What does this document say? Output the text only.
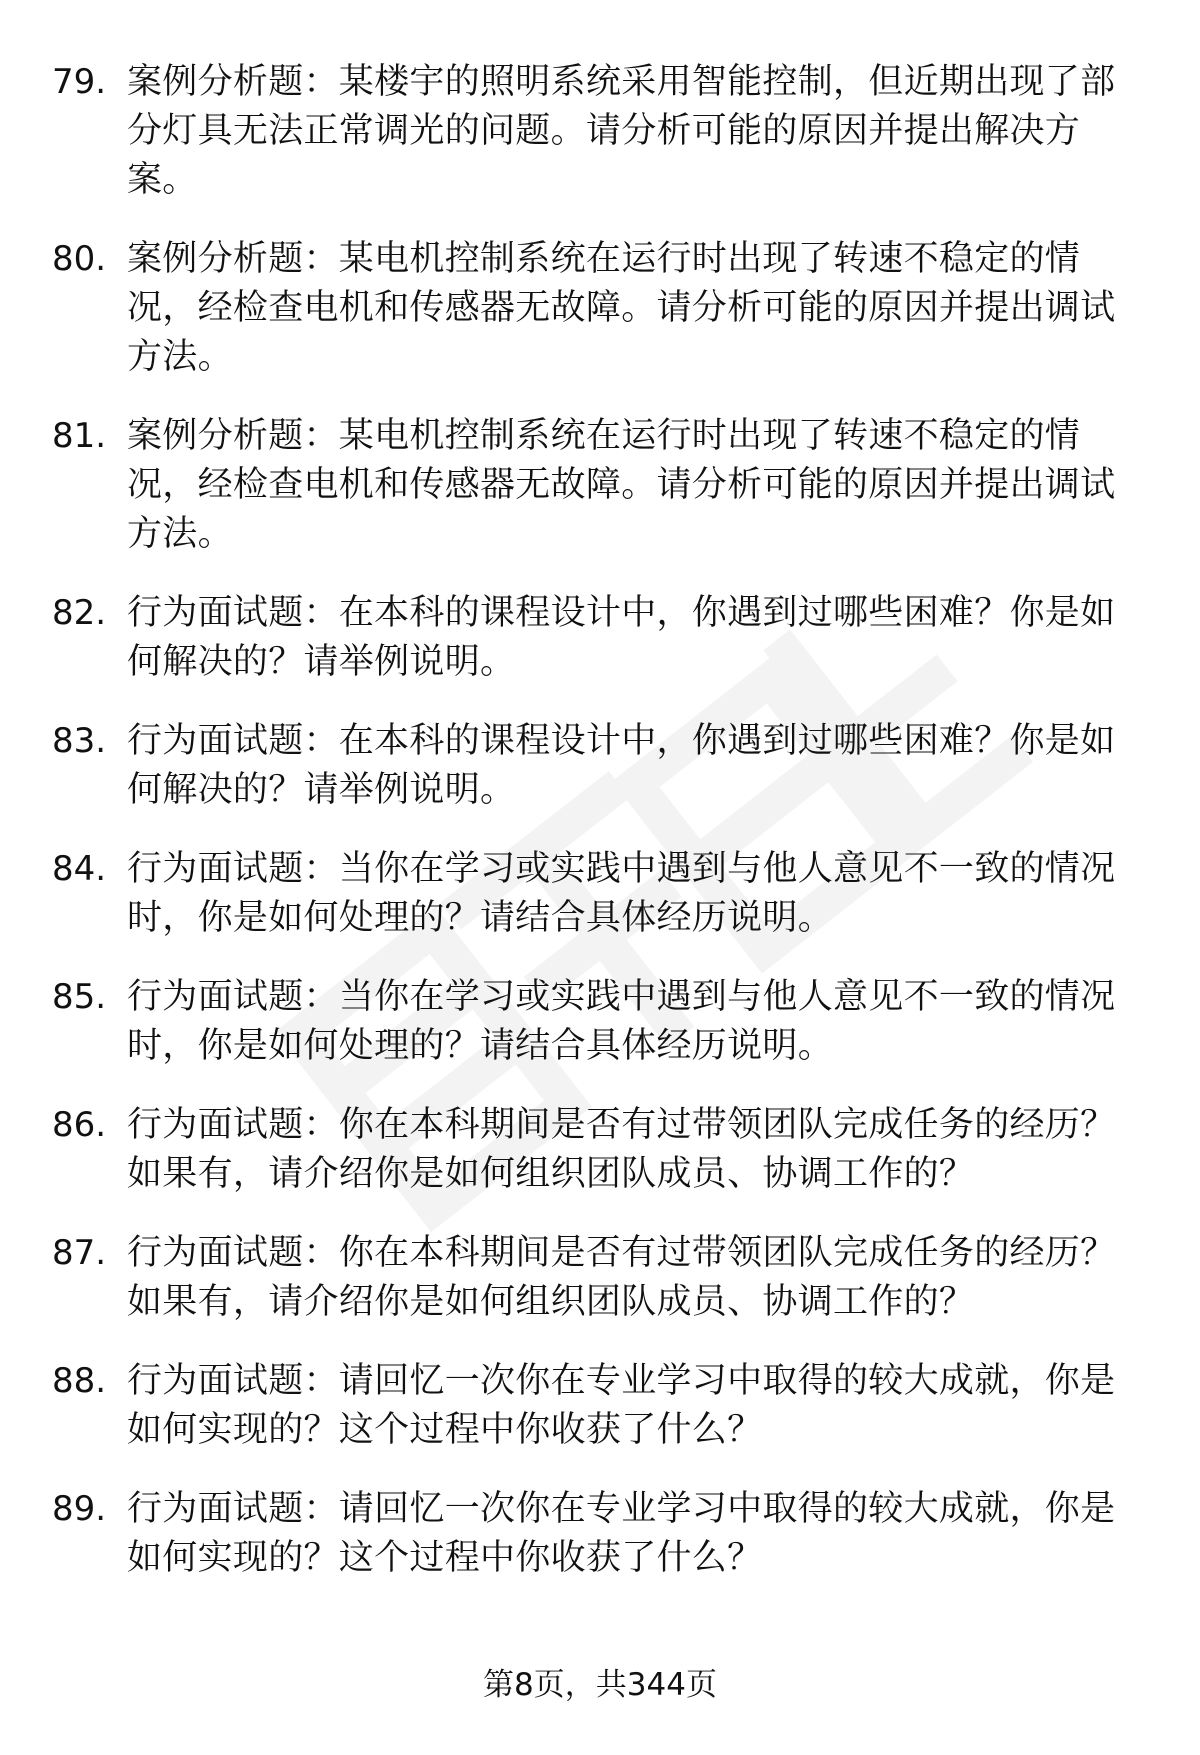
79. 案例分析题：某楼宇的照明系统采用智能控制，但近期出现了部分灯具无法正常调光的问题。请分析可能的原因并提出解决方案。
80. 案例分析题：某电机控制系统在运行时出现了转速不稳定的情况，经检查电机和传感器无故障。请分析可能的原因并提出调试方法。
81. 案例分析题：某电机控制系统在运行时出现了转速不稳定的情况，经检查电机和传感器无故障。请分析可能的原因并提出调试方法。
82. 行为面试题：在本科的课程设计中，你遇到过哪些困难？你是如何解决的？请举例说明。
83. 行为面试题：在本科的课程设计中，你遇到过哪些困难？你是如何解决的？请举例说明。
84. 行为面试题：当你在学习或实践中遇到与他人意见不一致的情况时，你是如何处理的？请结合具体经历说明。
85. 行为面试题：当你在学习或实践中遇到与他人意见不一致的情况时，你是如何处理的？请结合具体经历说明。
86. 行为面试题：你在本科期间是否有过带领团队完成任务的经历？如果有，请介绍你是如何组织团队成员、协调工作的？
87. 行为面试题：你在本科期间是否有过带领团队完成任务的经历？如果有，请介绍你是如何组织团队成员、协调工作的？
88. 行为面试题：请回忆一次你在专业学习中取得的较大成就，你是如何实现的？这个过程中你收获了什么？
89. 行为面试题：请回忆一次你在专业学习中取得的较大成就，你是如何实现的？这个过程中你收获了什么？
第8页，共344页
